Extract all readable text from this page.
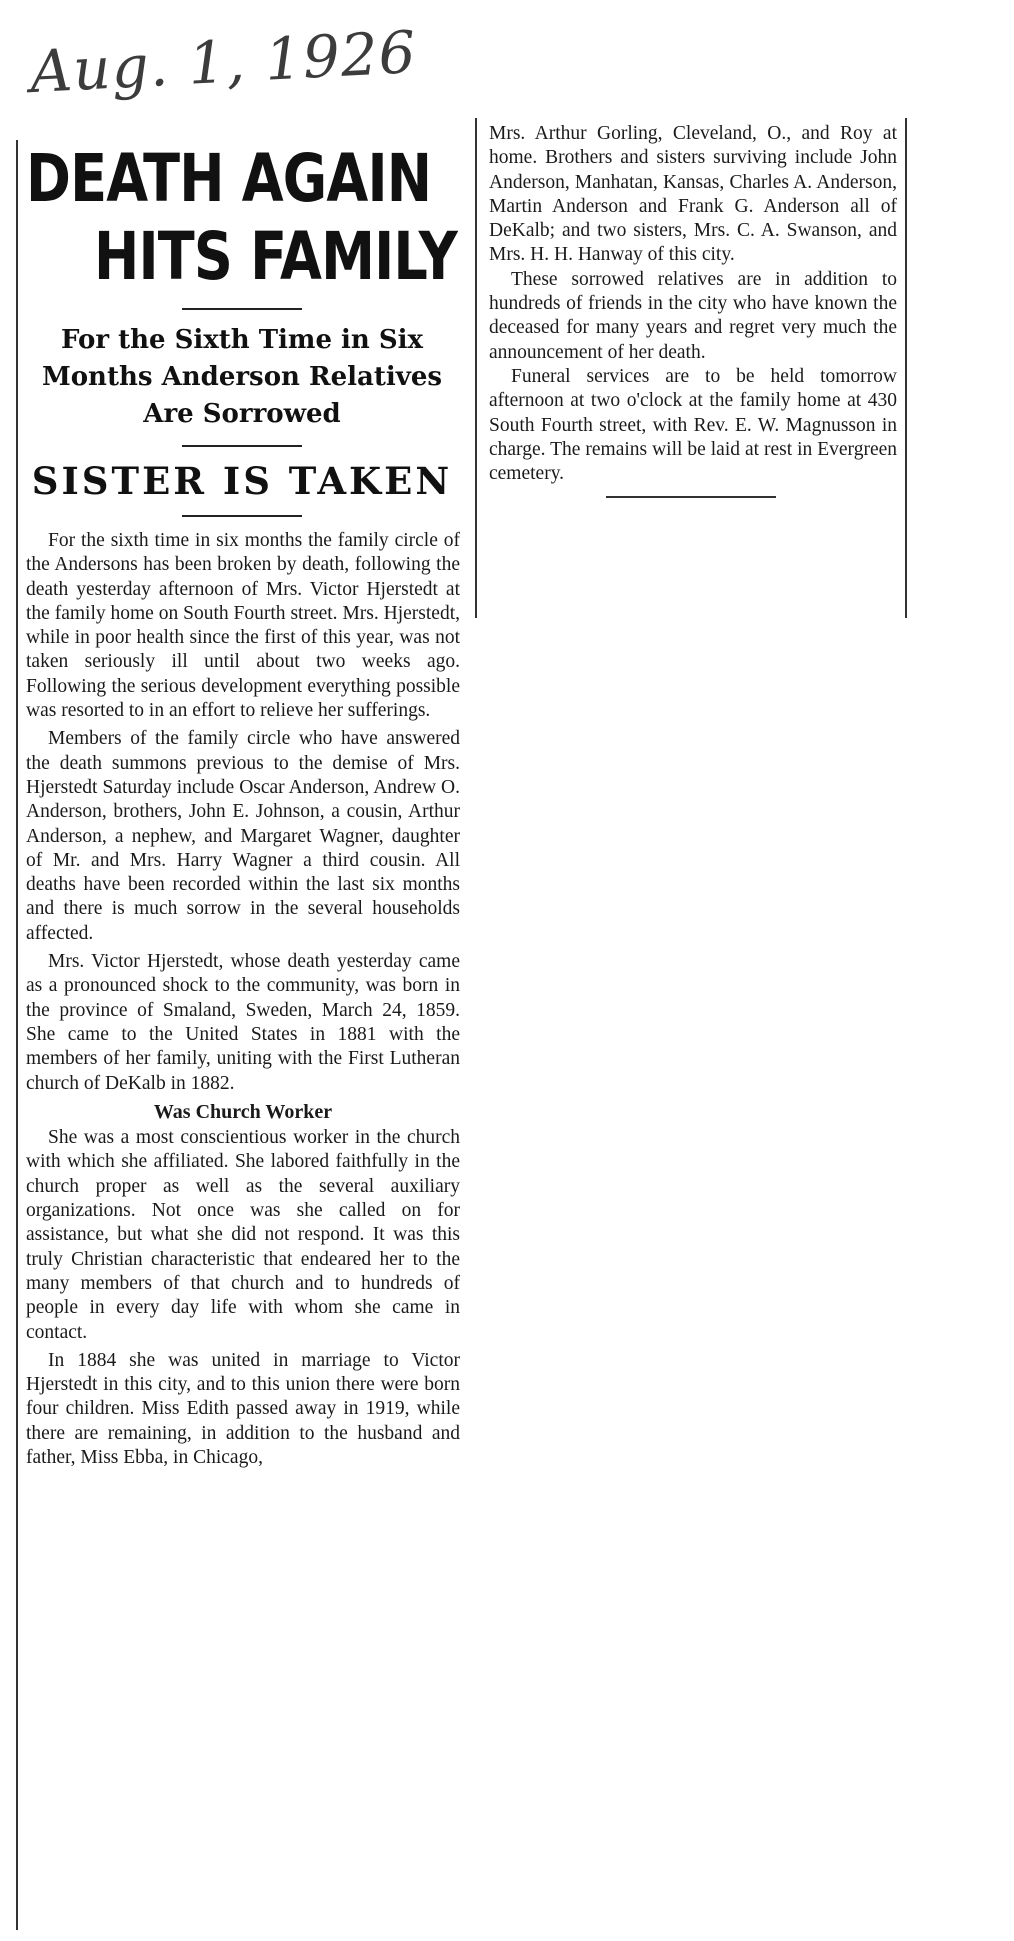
Aug. 1, 1926
DEATH AGAIN
HITS FAMILY
For the Sixth Time in Six Months Anderson Relatives Are Sorrowed
SISTER IS TAKEN

For the sixth time in six months the family circle of the Andersons has been broken by death, following the death yesterday afternoon of Mrs. Victor Hjerstedt at the family home on South Fourth street. Mrs. Hjerstedt, while in poor health since the first of this year, was not taken seriously ill until about two weeks ago. Following the serious development everything possible was resorted to in an effort to relieve her sufferings.

Members of the family circle who have answered the death summons previous to the demise of Mrs. Hjerstedt Saturday include Oscar Anderson, Andrew O. Anderson, brothers, John E. Johnson, a cousin, Arthur Anderson, a nephew, and Margaret Wagner, daughter of Mr. and Mrs. Harry Wagner a third cousin. All deaths have been recorded within the last six months and there is much sorrow in the several households affected.

Mrs. Victor Hjerstedt, whose death yesterday came as a pronounced shock to the community, was born in the province of Smaland, Sweden, March 24, 1859. She came to the United States in 1881 with the members of her family, uniting with the First Lutheran church of DeKalb in 1882.

Was Church Worker

She was a most conscientious worker in the church with which she affiliated. She labored faithfully in the church proper as well as the several auxiliary organizations. Not once was she called on for assistance, but what she did not respond. It was this truly Christian characteristic that endeared her to the many members of that church and to hundreds of people in every day life with whom she came in contact.

In 1884 she was united in marriage to Victor Hjerstedt in this city, and to this union there were born four children. Miss Edith passed away in 1919, while there are remaining, in addition to the husband and father, Miss Ebba, in Chicago,

Mrs. Arthur Gorling, Cleveland, O., and Roy at home. Brothers and sisters surviving include John Anderson, Manhatan, Kansas, Charles A. Anderson, Martin Anderson and Frank G. Anderson all of DeKalb; and two sisters, Mrs. C. A. Swanson, and Mrs. H. H. Hanway of this city.

These sorrowed relatives are in addition to hundreds of friends in the city who have known the deceased for many years and regret very much the announcement of her death.

Funeral services are to be held tomorrow afternoon at two o'clock at the family home at 430 South Fourth street, with Rev. E. W. Magnusson in charge. The remains will be laid at rest in Evergreen cemetery.
